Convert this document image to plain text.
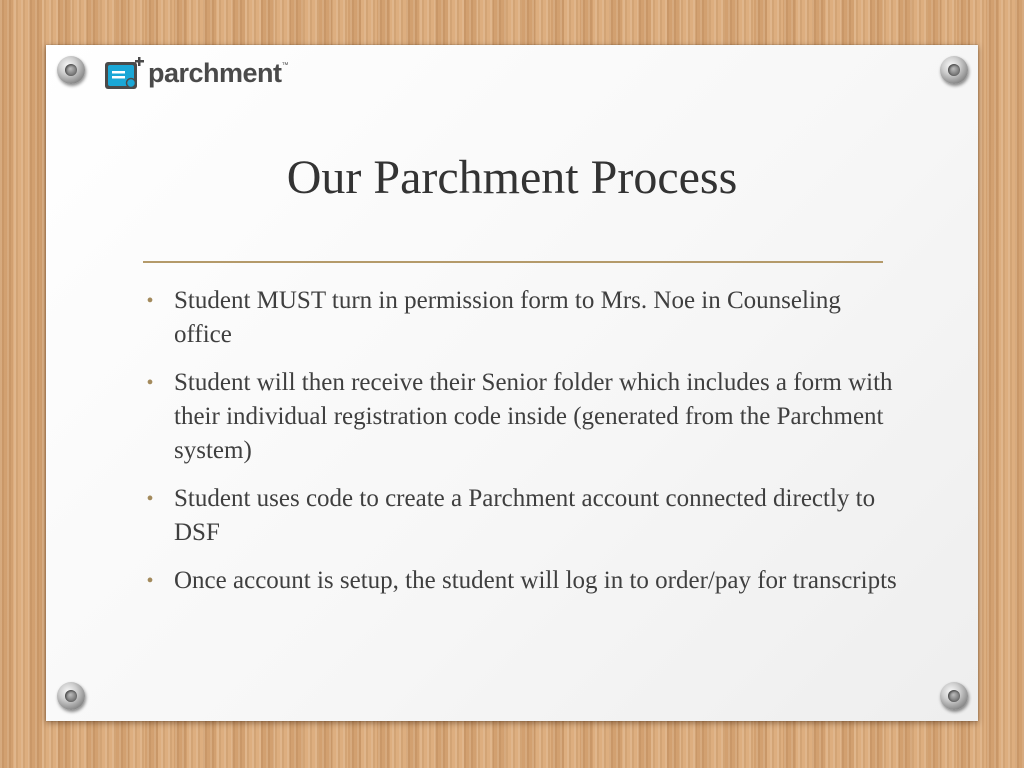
parchment ™
Our Parchment Process
• Student MUST turn in permission form to Mrs. Noe in Counseling office
• Student will then receive their Senior folder which includes a form with their individual registration code inside (generated from the Parchment system)
• Student uses code to create a Parchment account connected directly to DSF
• Once account is setup, the student will log in to order/pay for transcripts
